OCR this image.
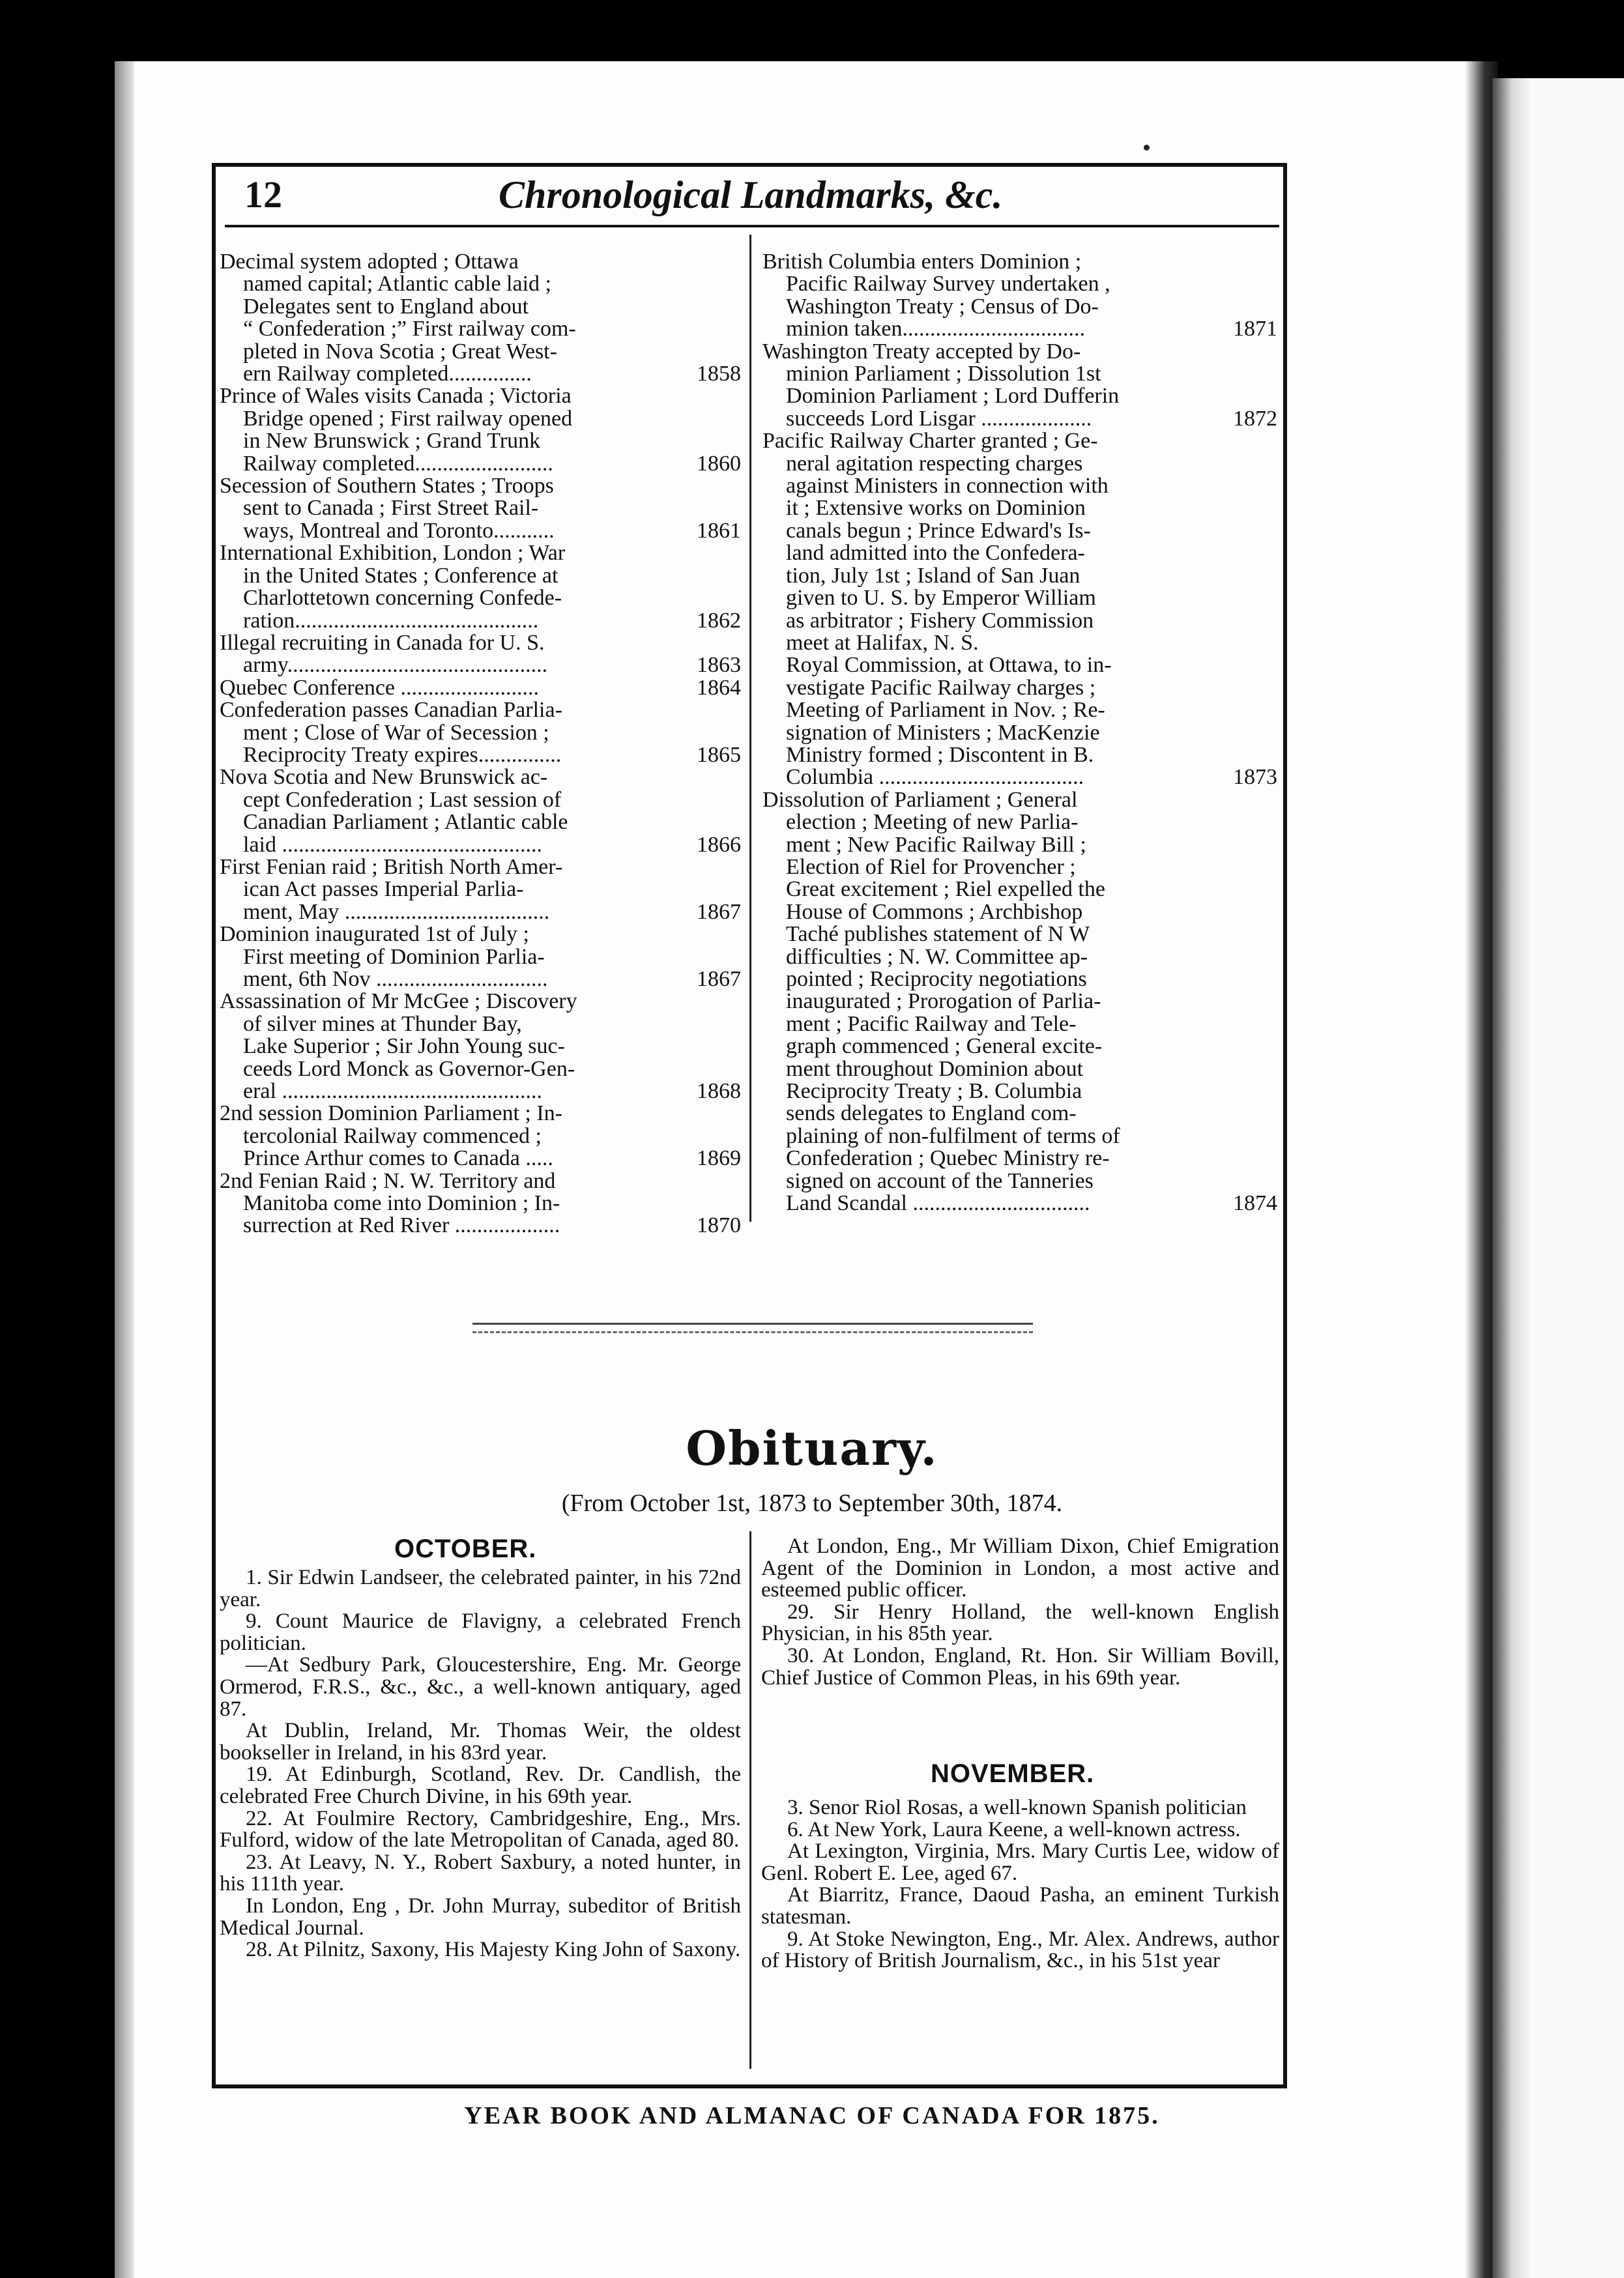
12	Chronological Landmarks, &c.
Decimal system adopted ; Ottawa
named capital; Atlantic cable laid ;
Delegates sent to England about
“ Confederation ;” First railway com-
pleted in Nova Scotia ; Great West-
ern Railway completed...............	1858
Prince of Wales visits Canada ; Victoria
Bridge opened ; First railway opened
in New Brunswick ; Grand Trunk
Railway completed.........................	1860
Secession of Southern States ; Troops
sent to Canada ; First Street Rail-
ways, Montreal and Toronto...........	1861
International Exhibition, London ; War
in the United States ; Conference at
Charlottetown concerning Confede-
ration............................................	1862
Illegal recruiting in Canada for U. S.
army...............................................	1863
Quebec Conference .........................	1864
Confederation passes Canadian Parlia-
ment ; Close of War of Secession ;
Reciprocity Treaty expires...............	1865
Nova Scotia and New Brunswick ac-
cept Confederation ; Last session of
Canadian Parliament ; Atlantic cable
laid ...............................................	1866
First Fenian raid ; British North Amer-
ican Act passes Imperial Parlia-
ment, May .....................................	1867
Dominion inaugurated 1st of July ;
First meeting of Dominion Parlia-
ment, 6th Nov ...............................	1867
Assassination of Mr McGee ; Discovery
of silver mines at Thunder Bay,
Lake Superior ; Sir John Young suc-
ceeds Lord Monck as Governor-Gen-
eral ...............................................	1868
2nd session Dominion Parliament ; In-
tercolonial Railway commenced ;
Prince Arthur comes to Canada .....	1869
2nd Fenian Raid ; N. W. Territory and
Manitoba come into Dominion ; In-
surrection at Red River ...................	1870
British Columbia enters Dominion ;
Pacific Railway Survey undertaken ,
Washington Treaty ; Census of Do-
minion taken.................................	1871
Washington Treaty accepted by Do-
minion Parliament ; Dissolution 1st
Dominion Parliament ; Lord Dufferin
succeeds Lord Lisgar ....................	1872
Pacific Railway Charter granted ; Ge-
neral agitation respecting charges
against Ministers in connection with
it ; Extensive works on Dominion
canals begun ; Prince Edward's Is-
land admitted into the Confedera-
tion, July 1st ; Island of San Juan
given to U. S. by Emperor William
as arbitrator ; Fishery Commission
meet at Halifax, N. S.
Royal Commission, at Ottawa, to in-
vestigate Pacific Railway charges ;
Meeting of Parliament in Nov. ; Re-
signation of Ministers ; MacKenzie
Ministry formed ; Discontent in B.
Columbia .....................................	1873
Dissolution of Parliament ; General
election ; Meeting of new Parlia-
ment ; New Pacific Railway Bill ;
Election of Riel for Provencher ;
Great excitement ; Riel expelled the
House of Commons ; Archbishop
Taché publishes statement of N W
difficulties ; N. W. Committee ap-
pointed ; Reciprocity negotiations
inaugurated ; Prorogation of Parlia-
ment ; Pacific Railway and Tele-
graph commenced ; General excite-
ment throughout Dominion about
Reciprocity Treaty ; B. Columbia
sends delegates to England com-
plaining of non-fulfilment of terms of
Confederation ; Quebec Ministry re-
signed on account of the Tanneries
Land Scandal ................................	1874
Obituary.
(From October 1st, 1873 to September 30th, 1874.
OCTOBER.

1. Sir Edwin Landseer, the celebrated painter, in his 72nd year.

9. Count Maurice de Flavigny, a celebrated French politician.

—At Sedbury Park, Gloucestershire, Eng. Mr. George Ormerod, F.R.S., &c., &c., a well-known antiquary, aged 87.

At Dublin, Ireland, Mr. Thomas Weir, the oldest bookseller in Ireland, in his 83rd year.

19. At Edinburgh, Scotland, Rev. Dr. Candlish, the celebrated Free Church Divine, in his 69th year.

22. At Foulmire Rectory, Cambridgeshire, Eng., Mrs. Fulford, widow of the late Metropolitan of Canada, aged 80.

23. At Leavy, N. Y., Robert Saxbury, a noted hunter, in his 111th year.

In London, Eng , Dr. John Murray, subeditor of British Medical Journal.

28. At Pilnitz, Saxony, His Majesty King John of Saxony.

At London, Eng., Mr William Dixon, Chief Emigration Agent of the Dominion in London, a most active and esteemed public officer.

29. Sir Henry Holland, the well-known English Physician, in his 85th year.

30. At London, England, Rt. Hon. Sir William Bovill, Chief Justice of Common Pleas, in his 69th year.

NOVEMBER.

3. Senor Riol Rosas, a well-known Spanish politician

6. At New York, Laura Keene, a well-known actress.

At Lexington, Virginia, Mrs. Mary Curtis Lee, widow of Genl. Robert E. Lee, aged 67.

At Biarritz, France, Daoud Pasha, an eminent Turkish statesman.

9. At Stoke Newington, Eng., Mr. Alex. Andrews, author of History of British Journalism, &c., in his 51st year

YEAR BOOK AND ALMANAC OF CANADA FOR 1875.
